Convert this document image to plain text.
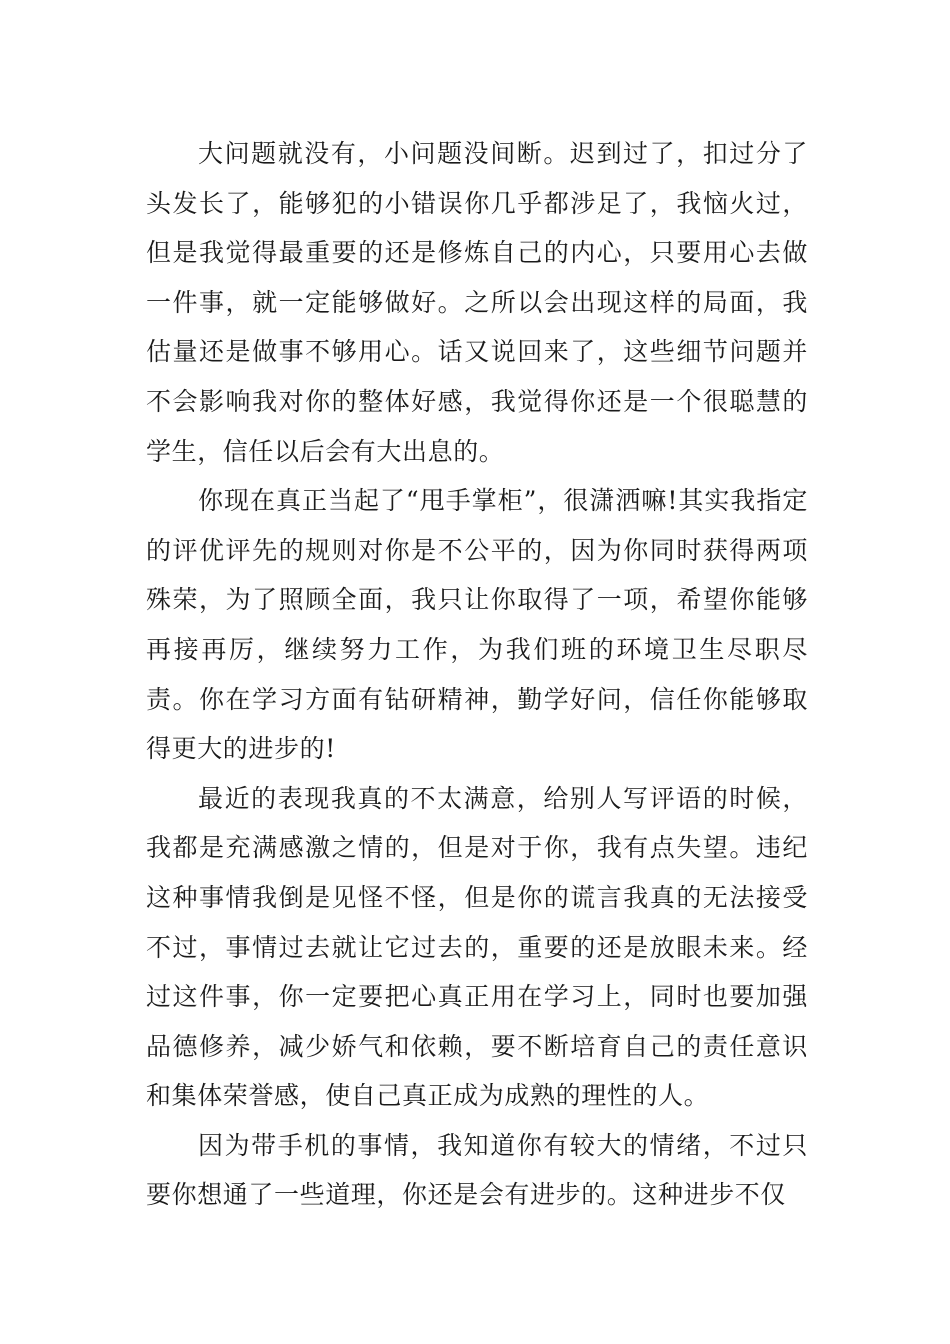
大问题就没有，小问题没间断。迟到过了，扣过分了头发长了，能够犯的小错误你几乎都涉足了，我恼火过，但是我觉得最重要的还是修炼自己的内心，只要用心去做一件事，就一定能够做好。之所以会出现这样的局面，我估量还是做事不够用心。话又说回来了，这些细节问题并不会影响我对你的整体好感，我觉得你还是一个很聪慧的学生，信任以后会有大出息的。

你现在真正当起了“甩手掌柜”，很潇洒嘛!其实我指定的评优评先的规则对你是不公平的，因为你同时获得两项殊荣，为了照顾全面，我只让你取得了一项，希望你能够再接再厉，继续努力工作，为我们班的环境卫生尽职尽责。你在学习方面有钻研精神，勤学好问，信任你能够取得更大的进步的!

最近的表现我真的不太满意，给别人写评语的时候，我都是充满感激之情的，但是对于你，我有点失望。违纪这种事情我倒是见怪不怪，但是你的谎言我真的无法接受不过，事情过去就让它过去的，重要的还是放眼未来。经过这件事，你一定要把心真正用在学习上，同时也要加强品德修养，减少娇气和依赖，要不断培育自己的责任意识和集体荣誉感，使自己真正成为成熟的理性的人。

因为带手机的事情，我知道你有较大的情绪，不过只要你想通了一些道理，你还是会有进步的。这种进步不仅
